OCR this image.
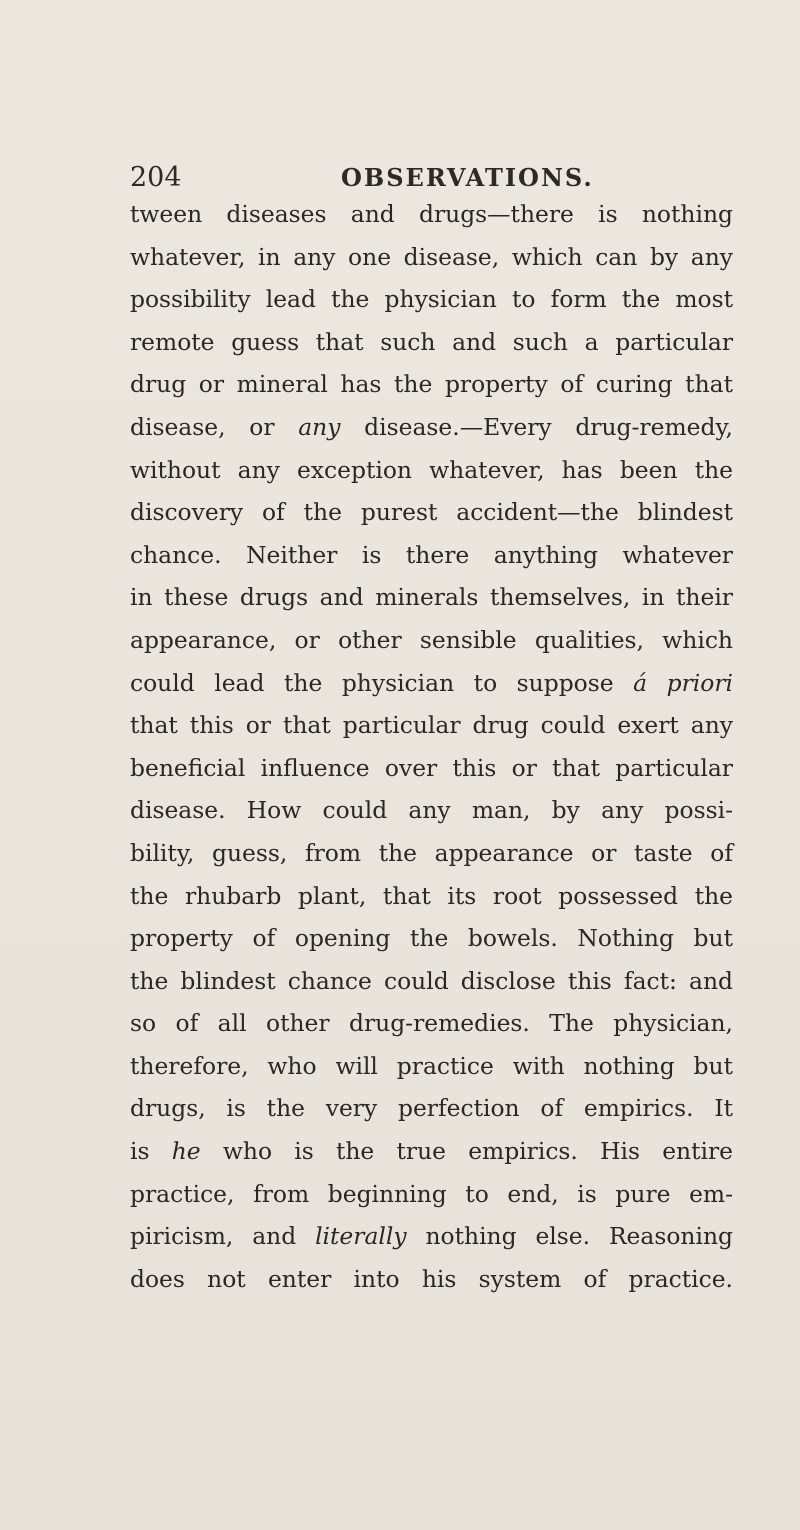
204	OBSERVATIONS.
tween diseases and drugs—there is nothing
whatever, in any one disease, which can by any
possibility lead the physician to form the most
remote guess that such and such a particular
drug or mineral has the property of curing that
disease, or any disease.—Every drug-remedy,
without any exception whatever, has been the
discovery of the purest accident—the blindest
chance. Neither is there anything whatever
in these drugs and minerals themselves, in their
appearance, or other sensible qualities, which
could lead the physician to suppose á priori
that this or that particular drug could exert any
beneficial influence over this or that particular
disease. How could any man, by any possi-
bility, guess, from the appearance or taste of
the rhubarb plant, that its root possessed the
property of opening the bowels. Nothing but
the blindest chance could disclose this fact: and
so of all other drug-remedies. The physician,
therefore, who will practice with nothing but
drugs, is the very perfection of empirics. It
is he who is the true empirics. His entire
practice, from beginning to end, is pure em-
piricism, and literally nothing else. Reasoning
does not enter into his system of practice.
